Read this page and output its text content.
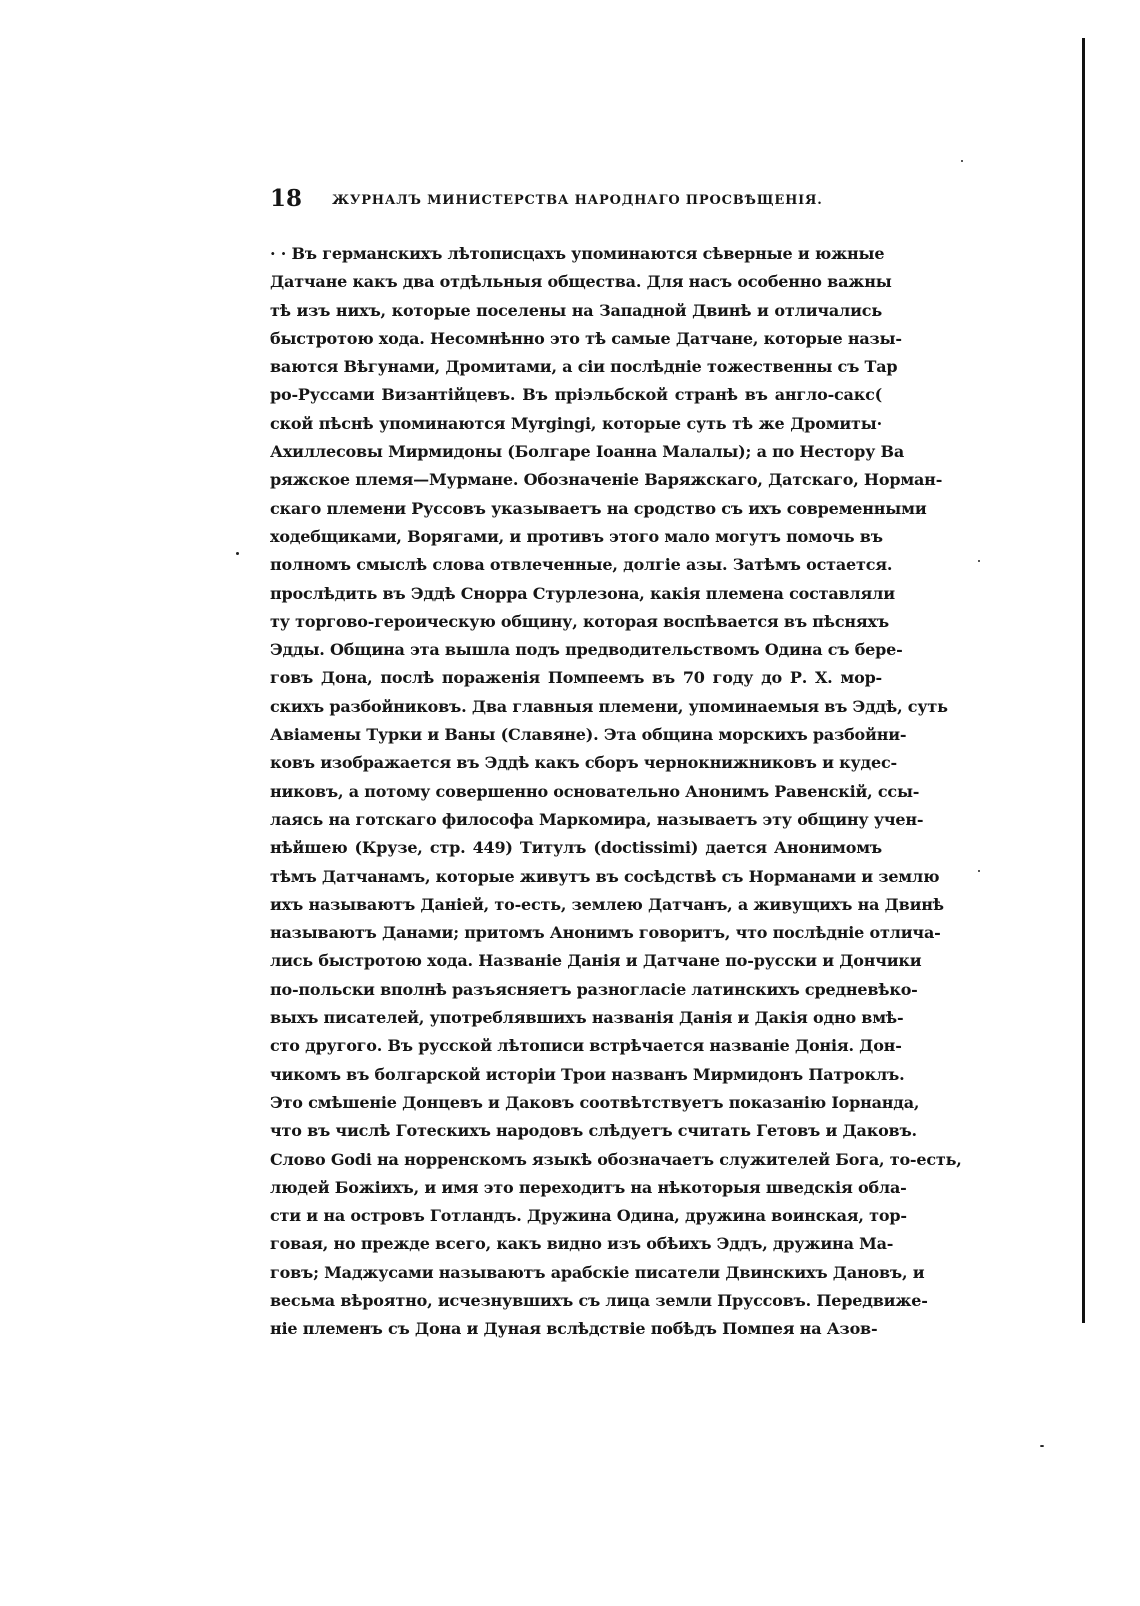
18 ЖУРНАЛЪ МИНИСТЕРСТВА НАРОДНАГО ПРОСВѢЩЕНIЯ.
· · Въ германскихъ лѣтописцахъ упоминаются сѣверные и южные
Датчане какъ два отдѣльныя общества. Для насъ особенно важны
тѣ изъ нихъ, которые поселены на Западной Двинѣ и отличались
быстротою хода. Несомнѣнно это тѣ самые Датчане, которые назы-
ваются Вѣгунами, Дромитами, а сіи послѣдніе тожественны съ Тар
ро-Руссами Византійцевъ. Въ пріэльбской странѣ въ англо-сакс(
ской пѣснѣ упоминаются Myrgingi, которые суть тѣ же Дромиты·
Ахиллесовы Мирмидоны (Болгаре Іоанна Малалы); а по Нестору Ва
ряжское племя—Мурмане. Обозначеніе Варяжскаго, Датскаго, Норман-
скаго племени Руссовъ указываетъ на сродство съ ихъ современными
ходебщиками, Ворягами, и противъ этого мало могутъ помочь въ
полномъ смыслѣ слова отвлеченные, долгіе азы. Затѣмъ остается.
прослѣдить въ Эддѣ Снорра Стурлезона, какія племена составляли
ту торгово-героическую общину, которая воспѣвается въ пѣсняхъ
Эдды. Община эта вышла подъ предводительствомъ Одина съ бере-
говъ Дона, послѣ пораженія Помпеемъ въ 70 году до Р. Х. мор-
скихъ разбойниковъ. Два главныя племени, упоминаемыя въ Эддѣ, суть
Авіамены Турки и Ваны (Славяне). Эта община морскихъ разбойни-
ковъ изображается въ Эддѣ какъ сборъ чернокнижниковъ и кудес-
никовъ, а потому совершенно основательно Анонимъ Равенскій, ссы-
лаясь на готскаго философа Маркомира, называетъ эту общину учен-
нѣйшею (Крузе, стр. 449) Титулъ (doctissimi) дается Анонимомъ
тѣмъ Датчанамъ, которые живутъ въ сосѣдствѣ съ Норманами и землю
ихъ называютъ Даніей, то-есть, землею Датчанъ, а живущихъ на Двинѣ
называютъ Данами; притомъ Анонимъ говоритъ, что послѣдніе отлича-
лись быстротою хода. Названіе Данія и Датчане по-русски и Дончики
по-польски вполнѣ разъясняетъ разногласіе латинскихъ средневѣко-
выхъ писателей, употреблявшихъ названія Данія и Дакія одно вмѣ-
сто другого. Въ русской лѣтописи встрѣчается названіе Донія. Дон-
чикомъ въ болгарской исторіи Трои названъ Мирмидонъ Патроклъ.
Это смѣшеніе Донцевъ и Даковъ соотвѣтствуетъ показанію Іорнанда,
что въ числѣ Готескихъ народовъ слѣдуетъ считать Гетовъ и Даковъ.
Слово Godi на норренскомъ языкѣ обозначаетъ служителей Бога, то-есть,
людей Божіихъ, и имя это переходитъ на нѣкоторыя шведскія обла-
сти и на островъ Готландъ. Дружина Одина, дружина воинская, тор-
говая, но прежде всего, какъ видно изъ обѣихъ Эддъ, дружина Ма-
говъ; Маджусами называютъ арабскіе писатели Двинскихъ Дановъ, и
весьма вѣроятно, исчезнувшихъ съ лица земли Пруссовъ. Передвиже-
ніе племенъ съ Дона и Дуная вслѣдствіе побѣдъ Помпея на Азов-
